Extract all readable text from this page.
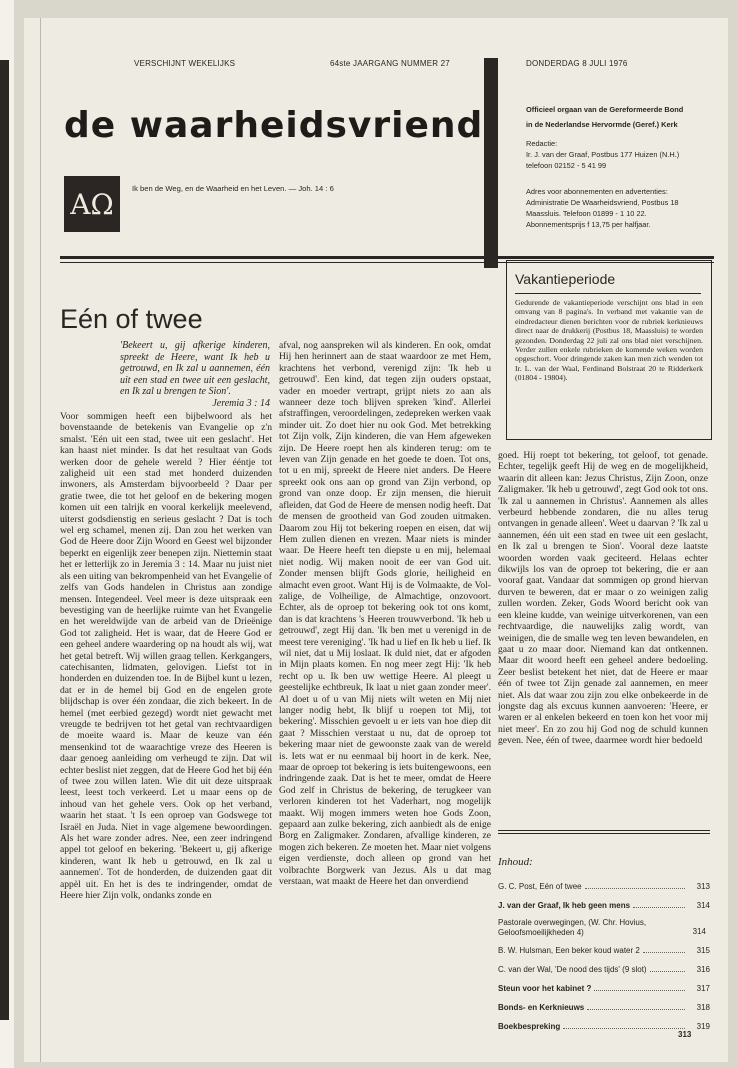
VERSCHIJNT WEKELIJKS	64ste JAARGANG NUMMER 27	DONDERDAG 8 JULI 1976
de waarheidsvriend
AΩ	Ik ben de Weg, en de Waarheid en het Leven. — Joh. 14 : 6
Officieel orgaan van de Gereformeerde Bond
in de Nederlandse Hervormde (Geref.) Kerk
Redactie:
Ir. J. van der Graaf, Postbus 177 Huizen (N.H.)
telefoon 02152 - 5 41 99
Adres voor abonnementen en advertenties:
Administratie De Waarheidsvriend, Postbus 18
Maassluis. Telefoon 01899 - 1 10 22.
Abonnementsprijs f 13,75 per halfjaar.
Eén of twee
'Bekeert u, gij afkerige kinderen, spreekt de Heere, want Ik heb u getrouwd, en Ik zal u aannemen, één uit een stad en twee uit een geslacht, en Ik zal u brengen te Sion'.
Jeremia 3 : 14

Voor sommigen heeft een bijbelwoord als het bovenstaande de betekenis van Evangelie op z'n smalst. 'Eén uit een stad, twee uit een geslacht'. Het kan haast niet minder. Is dat het resultaat van Gods werken door de gehele wereld ? Hier ééntje tot zaligheid uit een stad met honderd duizenden inwoners, als Amsterdam bijvoorbeeld ? Daar per gratie twee, die tot het geloof en de bekering mogen komen uit een talrijk en vooral kerkelijk meelevend, uiterst godsdienstig en serieus geslacht ? Dat is toch wel erg schamel, menen zij. Dan zou het werken van God de Heere door Zijn Woord en Geest wel bijzonder beperkt en eigenlijk zeer benepen zijn. Niettemin staat het er letterlijk zo in Jeremia 3 : 14. Maar nu juist niet als een uiting van bekrompenheid van het Evangelie of zelfs van Gods handelen in Christus aan zondige mensen. Integendeel. Veel meer is deze uitspraak een bevestiging van de heerlijke ruimte van het Evangelie en het wereldwijde van de arbeid van de Drieënige God tot zaligheid. Het is waar, dat de Heere God er een geheel andere waardering op na houdt als wij, wat het getal betreft. Wij willen graag tellen. Kerkgangers, catechisanten, lidmaten, gelovigen. Liefst tot in honderden en duizenden toe. In de Bijbel kunt u lezen, dat er in de hemel bij God en de engelen grote blijdschap is over één zondaar, die zich bekeert. In de hemel (met eerbied gezegd) wordt niet gewacht met vreugde te bedrijven tot het getal van rechtvaardigen de moeite waard is. Maar de keuze van één mensenkind tot de waarachtige vreze des Heeren is daar genoeg aanleiding om verheugd te zijn. Dat wil echter beslist niet zeggen, dat de Heere God het bij één of twee zou willen laten. Wie dit uit deze uitspraak leest, leest toch verkeerd. Let u maar eens op de inhoud van het gehele vers. Ook op het verband, waarin het staat. 't Is een oproep van Godswege tot Israël en Juda. Niet in vage algemene bewoordingen. Als het ware zonder adres. Nee, een zeer indringend appel tot geloof en bekering. 'Bekeert u, gij afkerige kinderen, want Ik heb u getrouwd, en Ik zal u aannemen'. Tot de honderden, de duizenden gaat dit appèl uit. En het is des te indringender, omdat de Heere hier Zijn volk, ondanks zonde en

afval, nog aanspreken wil als kinderen. En ook, omdat Hij hen herinnert aan de staat waardoor ze met Hem, krachtens het verbond, verenigd zijn: 'Ik heb u getrouwd'. Een kind, dat tegen zijn ouders opstaat, vader en moeder vertrapt, grijpt niets zo aan als wanneer deze toch blijven spreken 'kind'. Allerlei afstraffingen, veroordelingen, zedepreken werken vaak minder uit. Zo doet hier nu ook God. Met betrekking tot Zijn volk, Zijn kinderen, die van Hem afgeweken zijn. De Heere roept hen als kinderen terug: om te leven van Zijn genade en het goede te doen. Tot ons, tot u en mij, spreekt de Heere niet anders. De Heere spreekt ook ons aan op grond van Zijn verbond, op grond van onze doop. Er zijn mensen, die hieruit afleiden, dat God de Heere de mensen nodig heeft. Dat de mensen de grootheid van God zouden uitmaken. Daarom zou Hij tot bekering roepen en eisen, dat wij Hem zullen dienen en vrezen. Maar niets is minder waar. De Heere heeft ten diepste u en mij, helemaal niet nodig. Wij maken nooit de eer van God uit. Zonder mensen blijft Gods glorie, heiligheid en almacht even groot. Want Hij is de Volmaakte, de Vol-zalige, de Volheilige, de Almachtige, onzovoort. Echter, als de oproep tot bekering ook tot ons komt, dan is dat krachtens 's Heeren trouwverbond. 'Ik heb u getrouwd', zegt Hij dan. 'Ik ben met u verenigd in de meest tere vereniging'. 'Ik had u lief en Ik heb u lief. Ik wil niet, dat u Mij loslaat. Ik duld niet, dat er afgoden in Mijn plaats komen. En nog meer zegt Hij: 'Ik heb recht op u. Ik ben uw wettige Heere. Al pleegt u geestelijke echtbreuk, Ik laat u niet gaan zonder meer'. Al doet u of u van Mij niets wilt weten en Mij niet langer nodig hebt, Ik blijf u roepen tot Mij, tot bekering'. Misschien gevoelt u er iets van hoe diep dit gaat ? Misschien verstaat u nu, dat de oproep tot bekering maar niet de gewoonste zaak van de wereld is. Iets wat er nu eenmaal bij hoort in de kerk. Nee, maar de oproep tot bekering is iets buitengewoons, een indringende zaak. Dat is het te meer, omdat de Heere God zelf in Christus de bekering, de terugkeer van verloren kinderen tot het Vaderhart, nog mogelijk maakt. Wij mogen immers weten hoe Gods Zoon, gepaard aan zulke bekering, zich aanbiedt als de enige Borg en Zaligmaker. Zondaren, afvallige kinderen, ze mogen zich bekeren. Ze moeten het. Maar niet volgens eigen verdienste, doch alleen op grond van het volbrachte Borgwerk van Jezus. Als u dat mag verstaan, wat maakt de Heere het dan onverdiend

Vakantieperiode

Gedurende de vakantieperiode verschijnt ons blad in een omvang van 8 pagina's. In verband met vakantie van de eindredacteur dienen berichten voor de rubriek kerknieuws direct naar de drukkerij (Postbus 18, Maassluis) te worden gezonden. Donderdag 22 juli zal ons blad niet verschijnen. Verder zullen enkele rubrieken de komende weken worden opgeschort. Voor dringende zaken kan men zich wenden tot Ir. L. van der Waal, Ferdinand Bolstraat 20 te Ridderkerk (01804 - 19804).

goed. Hij roept tot bekering, tot geloof, tot genade. Echter, tegelijk geeft Hij de weg en de mogelijkheid, waarin dit alleen kan: Jezus Christus, Zijn Zoon, onze Zaligmaker. 'Ik heb u getrouwd', zegt God ook tot ons. 'Ik zal u aannemen in Christus'. Aannemen als alles verbeurd hebbende zondaren, die nu alles terug ontvangen in genade alleen'. Weet u daarvan ? 'Ik zal u aannemen, één uit een stad en twee uit een geslacht, en Ik zal u brengen te Sion'. Vooral deze laatste woorden worden vaak geciteerd. Helaas echter dikwijls los van de oproep tot bekering, die er aan vooraf gaat. Vandaar dat sommigen op grond hiervan durven te beweren, dat er maar o zo weinigen zalig zullen worden. Zeker, Gods Woord bericht ook van een kleine kudde, van weinige uitverkorenen, van een rechtvaardige, die nauwelijks zalig wordt, van weinigen, die de smalle weg ten leven bewandelen, en gaat u zo maar door. Niemand kan dat ontkennen. Maar dit woord heeft een geheel andere bedoeling. Zeer beslist betekent het niet, dat de Heere er maar één of twee tot Zijn genade zal aannemen, en meer niet. Als dat waar zou zijn zou elke onbekeerde in de jongste dag als excuus kunnen aanvoeren: 'Heere, er waren er al enkelen bekeerd en toen kon het voor mij niet meer'. En zo zou hij God nog de schuld kunnen geven. Nee, één of twee, daarmee wordt hier bedoeld

Inhoud:
G. C. Post, Eén of twee	313
J. van der Graaf, Ik heb geen mens	314
Pastorale overwegingen, (W. Chr. Hovius, Geloofsmoeilijkheden 4)	314
B. W. Hulsman, Een beker koud water 2	315
C. van der Wal, 'De nood des tijds' (9 slot)	316
Steun voor het kabinet ?	317
Bonds- en Kerknieuws	318
Boekbespreking	319
313
